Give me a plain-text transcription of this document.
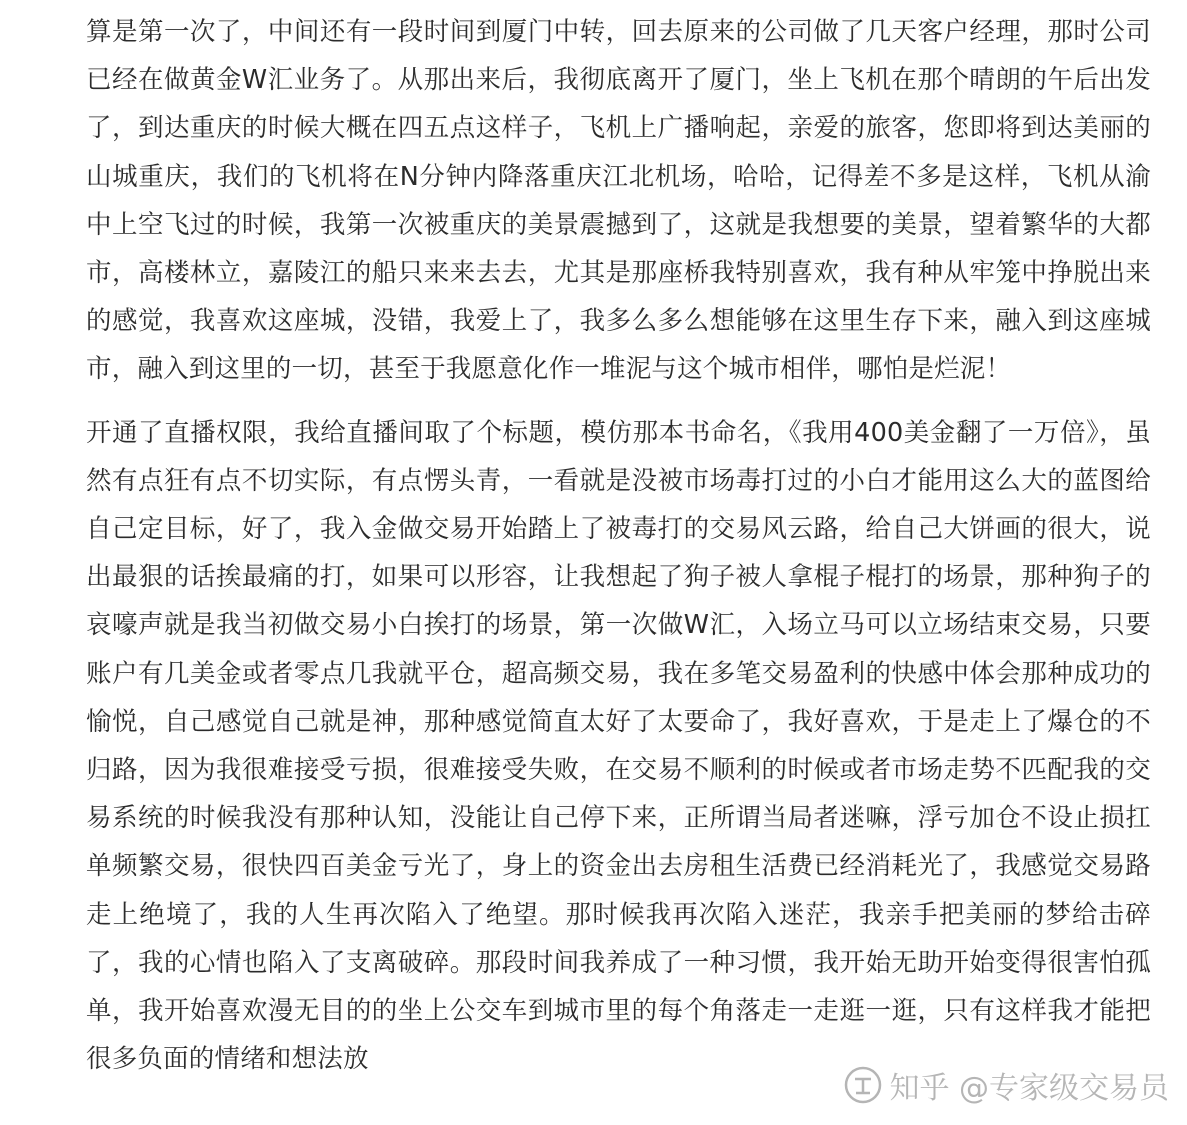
算是第一次了，中间还有一段时间到厦门中转，回去原来的公司做了几天客户经理，那时公司已经在做黄金W汇业务了。从那出来后，我彻底离开了厦门，坐上飞机在那个晴朗的午后出发了，到达重庆的时候大概在四五点这样子，飞机上广播响起，亲爱的旅客，您即将到达美丽的山城重庆，我们的飞机将在N分钟内降落重庆江北机场，哈哈，记得差不多是这样，飞机从渝中上空飞过的时候，我第一次被重庆的美景震撼到了，这就是我想要的美景，望着繁华的大都市，高楼林立，嘉陵江的船只来来去去，尤其是那座桥我特别喜欢，我有种从牢笼中挣脱出来的感觉，我喜欢这座城，没错，我爱上了，我多么多么想能够在这里生存下来，融入到这座城市，融入到这里的一切，甚至于我愿意化作一堆泥与这个城市相伴，哪怕是烂泥！

开通了直播权限，我给直播间取了个标题，模仿那本书命名，《我用400美金翻了一万倍》，虽然有点狂有点不切实际，有点愣头青，一看就是没被市场毒打过的小白才能用这么大的蓝图给自己定目标，好了，我入金做交易开始踏上了被毒打的交易风云路，给自己大饼画的很大，说出最狠的话挨最痛的打，如果可以形容，让我想起了狗子被人拿棍子棍打的场景，那种狗子的哀嚎声就是我当初做交易小白挨打的场景，第一次做W汇，入场立马可以立场结束交易，只要账户有几美金或者零点几我就平仓，超高频交易，我在多笔交易盈利的快感中体会那种成功的愉悦，自己感觉自己就是神，那种感觉简直太好了太要命了，我好喜欢，于是走上了爆仓的不归路，因为我很难接受亏损，很难接受失败，在交易不顺利的时候或者市场走势不匹配我的交易系统的时候我没有那种认知，没能让自己停下来，正所谓当局者迷嘛，浮亏加仓不设止损扛单频繁交易，很快四百美金亏光了，身上的资金出去房租生活费已经消耗光了，我感觉交易路走上绝境了，我的人生再次陷入了绝望。那时候我再次陷入迷茫，我亲手把美丽的梦给击碎了，我的心情也陷入了支离破碎。那段时间我养成了一种习惯，我开始无助开始变得很害怕孤单，我开始喜欢漫无目的的坐上公交车到城市里的每个角落走一走逛一逛，只有这样我才能把很多负面的情绪和想法放

知乎 @专家级交易员
